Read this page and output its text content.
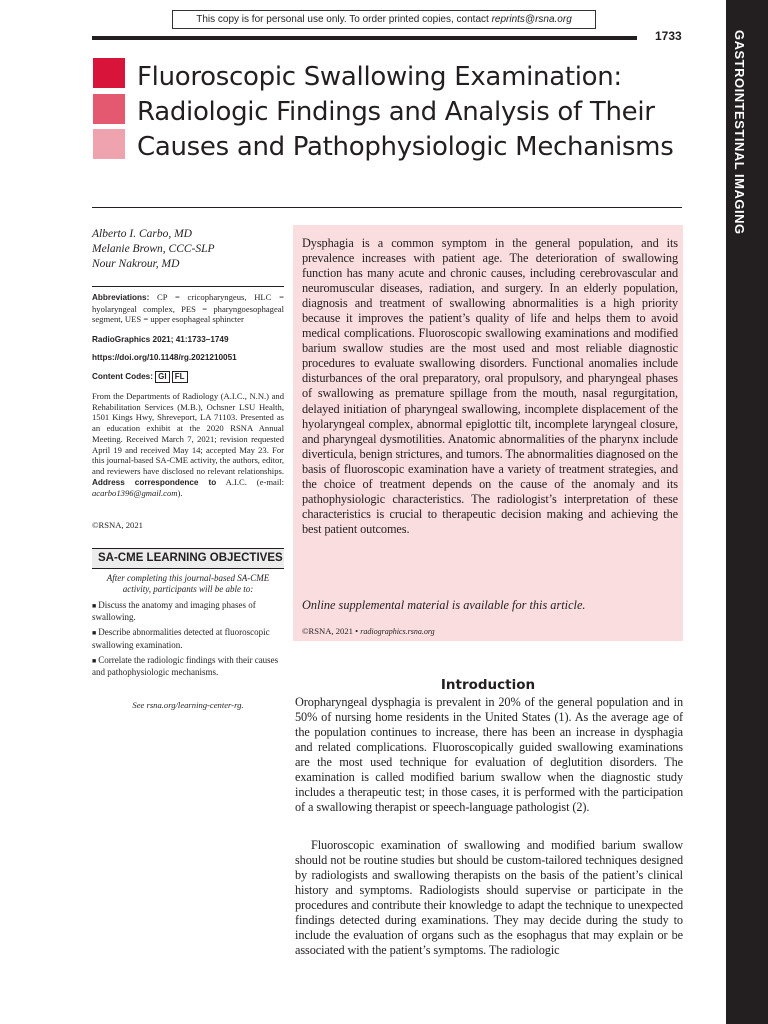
This copy is for personal use only. To order printed copies, contact reprints@rsna.org
1733	GASTROINTESTINAL IMAGING
Fluoroscopic Swallowing Examination: Radiologic Findings and Analysis of Their Causes and Pathophysiologic Mechanisms
Alberto I. Carbo, MD
Melanie Brown, CCC-SLP
Nour Nakrour, MD

Abbreviations: CP = cricopharyngeus, HLC = hyolaryngeal complex, PES = pharyngoesophageal segment, UES = upper esophageal sphincter

RadioGraphics 2021; 41:1733–1749

https://doi.org/10.1148/rg.2021210051

Content Codes: GI FL

From the Departments of Radiology (A.I.C., N.N.) and Rehabilitation Services (M.B.), Ochsner LSU Health, 1501 Kings Hwy, Shreveport, LA 71103. Presented as an education exhibit at the 2020 RSNA Annual Meeting. Received March 7, 2021; revision requested April 19 and received May 14; accepted May 23. For this journal-based SA-CME activity, the authors, editor, and reviewers have disclosed no relevant relationships. Address correspondence to A.I.C. (e-mail: acarbo1396@gmail.com).

©RSNA, 2021

SA-CME LEARNING OBJECTIVES
After completing this journal-based SA-CME activity, participants will be able to:
■ Discuss the anatomy and imaging phases of swallowing.
■ Describe abnormalities detected at fluoroscopic swallowing examination.
■ Correlate the radiologic findings with their causes and pathophysiologic mechanisms.
See rsna.org/learning-center-rg.

Dysphagia is a common symptom in the general population, and its prevalence increases with patient age. The deterioration of swallowing function has many acute and chronic causes, including cerebrovascular and neuromuscular diseases, radiation, and surgery. In an elderly population, diagnosis and treatment of swallowing abnormalities is a high priority because it improves the patient’s quality of life and helps them to avoid medical complications. Fluoroscopic swallowing examinations and modified barium swallow studies are the most used and most reliable diagnostic procedures to evaluate swallowing disorders. Functional anomalies include disturbances of the oral preparatory, oral propulsory, and pharyngeal phases of swallowing as premature spillage from the mouth, nasal regurgitation, delayed initiation of pharyngeal swallowing, incomplete displacement of the hyolaryngeal complex, abnormal epiglottic tilt, incomplete laryngeal closure, and pharyngeal dysmotilities. Anatomic abnormalities of the pharynx include diverticula, benign strictures, and tumors. The abnormalities diagnosed on the basis of fluoroscopic examination have a variety of treatment strategies, and the choice of treatment depends on the cause of the anomaly and its pathophysiologic characteristics. The radiologist’s interpretation of these characteristics is crucial to therapeutic decision making and achieving the best patient outcomes.

Online supplemental material is available for this article.

©RSNA, 2021 • radiographics.rsna.org

Introduction

Oropharyngeal dysphagia is prevalent in 20% of the general population and in 50% of nursing home residents in the United States (1). As the average age of the population continues to increase, there has been an increase in dysphagia and related complications. Fluoroscopically guided swallowing examinations are the most used technique for evaluation of deglutition disorders. The examination is called modified barium swallow when the diagnostic study includes a therapeutic test; in those cases, it is performed with the participation of a swallowing therapist or speech-language pathologist (2).

Fluoroscopic examination of swallowing and modified barium swallow should not be routine studies but should be custom-tailored techniques designed by radiologists and swallowing therapists on the basis of the patient’s clinical history and symptoms. Radiologists should supervise or participate in the procedures and contribute their knowledge to adapt the technique to unexpected findings detected during examinations. They may decide during the study to include the evaluation of organs such as the esophagus that may explain or be associated with the patient’s symptoms. The radiologic
